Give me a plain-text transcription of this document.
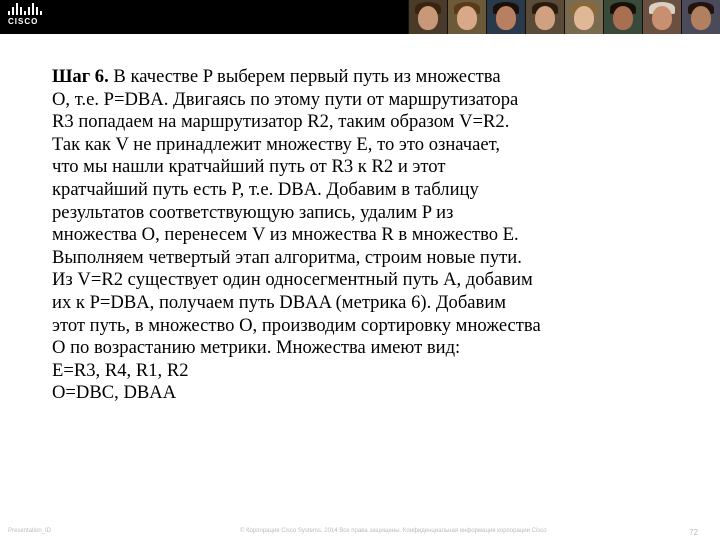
CISCO
Шаг 6. В качестве P выберем первый путь из множества
O, т.е. P=DBA. Двигаясь по этому пути от маршрутизатора
R3 попадаем на маршрутизатор R2, таким образом V=R2.
Так как V не принадлежит множеству E, то это означает,
что мы нашли кратчайший путь от R3 к R2 и этот
кратчайший путь есть P, т.е. DBA. Добавим в таблицу
результатов соответствующую запись, удалим P из
множества O, перенесем V из множества R в множество E.
Выполняем четвертый этап алгоритма, строим новые пути.
Из V=R2 существует один односегментный путь A, добавим
их к P=DBA, получаем путь DBAA (метрика 6). Добавим
этот путь, в множество O, производим сортировку множества
O по возрастанию метрики. Множества имеют вид:
E=R3, R4, R1, R2
O=DBC, DBAA
Presentation_ID	© Корпорация Cisco Systems, 2014 Все права защищены. Конфиденциальная информация корпорации Cisco	72
